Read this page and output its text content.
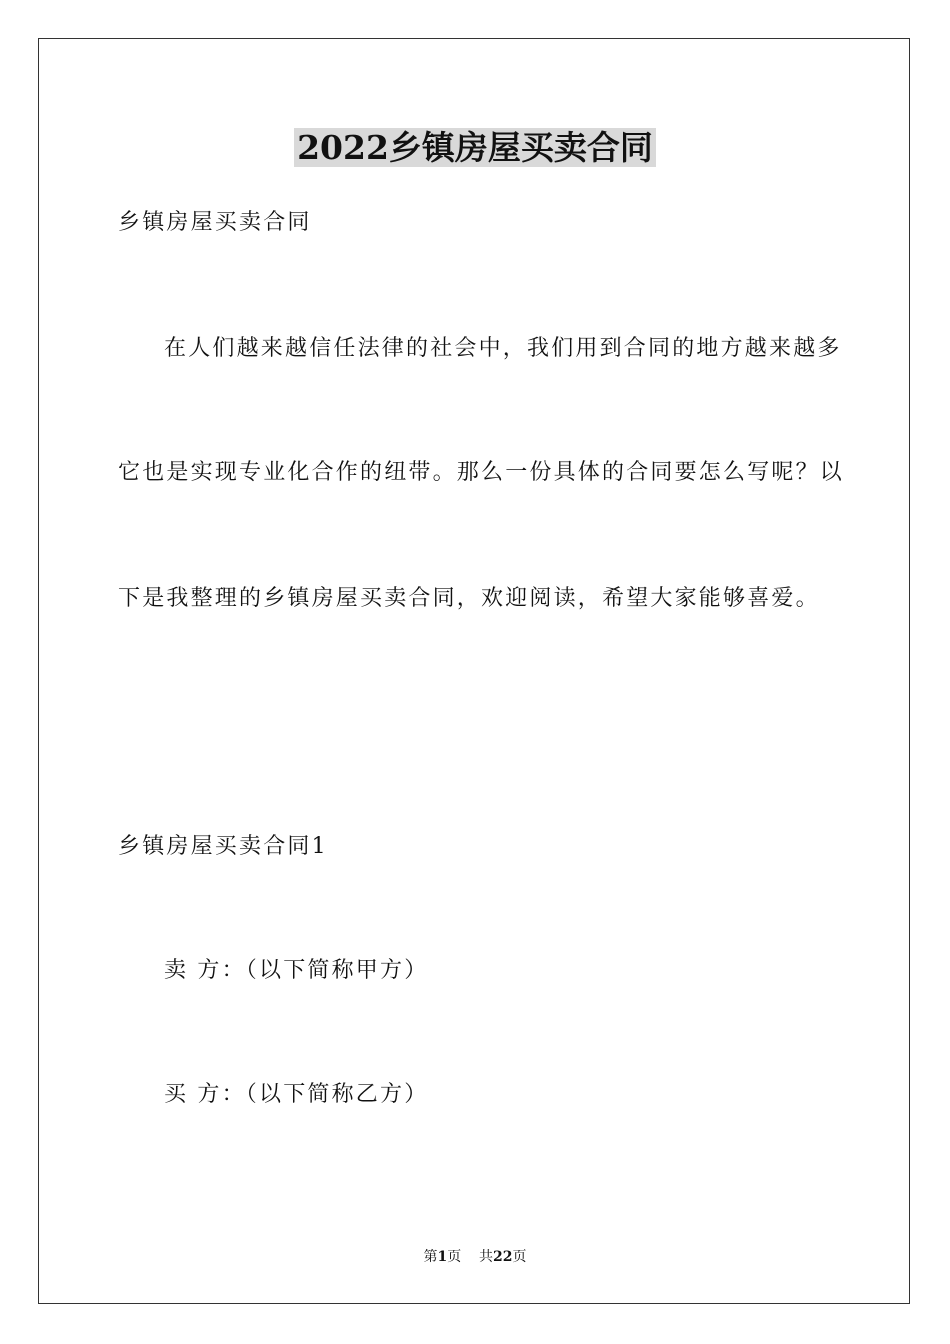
2022乡镇房屋买卖合同
乡镇房屋买卖合同
在人们越来越信任法律的社会中，我们用到合同的地方越来越多
它也是实现专业化合作的纽带。那么一份具体的合同要怎么写呢？以
下是我整理的乡镇房屋买卖合同，欢迎阅读，希望大家能够喜爱。
乡镇房屋买卖合同1
卖 方：（以下简称甲方）
买 方：（以下简称乙方）
第1页 共22页
